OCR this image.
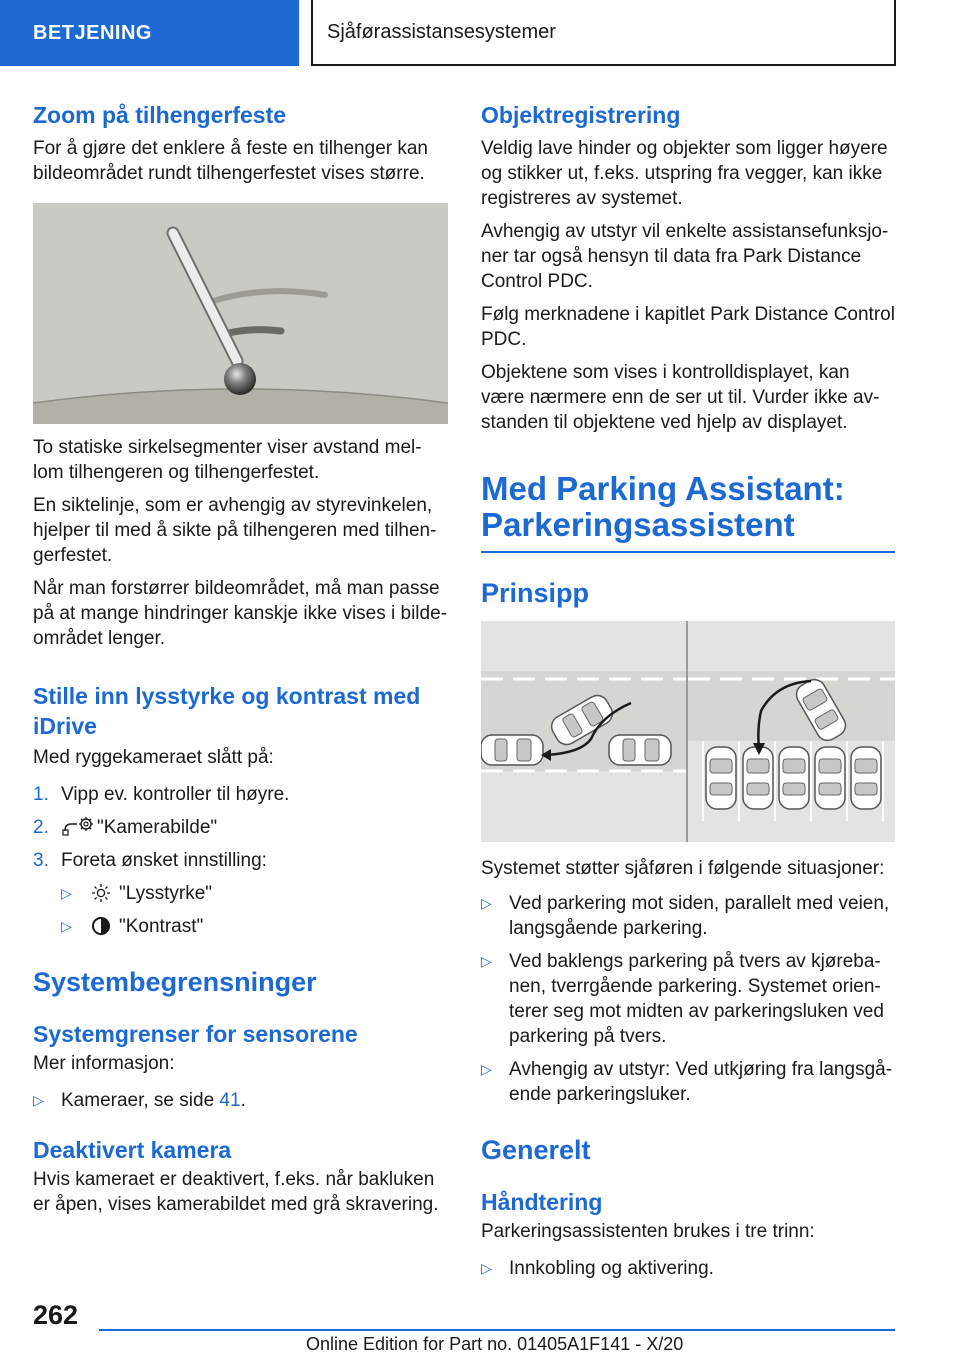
BETJENING	Sjåførassistansesystemer
Zoom på tilhengerfeste

For å gjøre det enklere å feste en tilhenger kan bildeområdet rundt tilhengerfestet vises større.

To statiske sirkelsegmenter viser avstand mel-lom tilhengeren og tilhengerfestet.

En siktelinje, som er avhengig av styrevinkelen, hjelper til med å sikte på tilhengeren med tilhen-gerfestet.

Når man forstørrer bildeområdet, må man passe på at mange hindringer kanskje ikke vises i bilde-området lenger.

Stille inn lysstyrke og kontrast med iDrive

Med ryggekameraet slått på:

1. Vipp ev. kontroller til høyre.
2.	"Kamerabilde"
3. Foreta ønsket innstilling:
▷	"Lysstyrke"
▷	"Kontrast"
Systembegrensninger
Systemgrenser for sensorene

Mer informasjon:

▷ Kameraer, se side 41.
Deaktivert kamera

Hvis kameraet er deaktivert, f.eks. når bakluken er åpen, vises kamerabildet med grå skravering.

Objektregistrering

Veldig lave hinder og objekter som ligger høyere og stikker ut, f.eks. utspring fra vegger, kan ikke registreres av systemet.

Avhengig av utstyr vil enkelte assistansefunksjo-ner tar også hensyn til data fra Park Distance Control PDC.

Følg merknadene i kapitlet Park Distance Control PDC.

Objektene som vises i kontrolldisplayet, kan være nærmere enn de ser ut til. Vurder ikke av-standen til objektene ved hjelp av displayet.

Med Parking Assistant: Parkeringsassistent
Prinsipp

Systemet støtter sjåføren i følgende situasjoner:

▷ Ved parkering mot siden, parallelt med veien, langsgående parkering.
▷ Ved baklengs parkering på tvers av kjøreba-nen, tverrgående parkering. Systemet orien-terer seg mot midten av parkeringsluken ved parkering på tvers.
▷ Avhengig av utstyr: Ved utkjøring fra langsgå-ende parkeringsluker.
Generelt
Håndtering

Parkeringsassistenten brukes i tre trinn:

▷ Innkobling og aktivering.
262
Online Edition for Part no. 01405A1F141 - X/20
